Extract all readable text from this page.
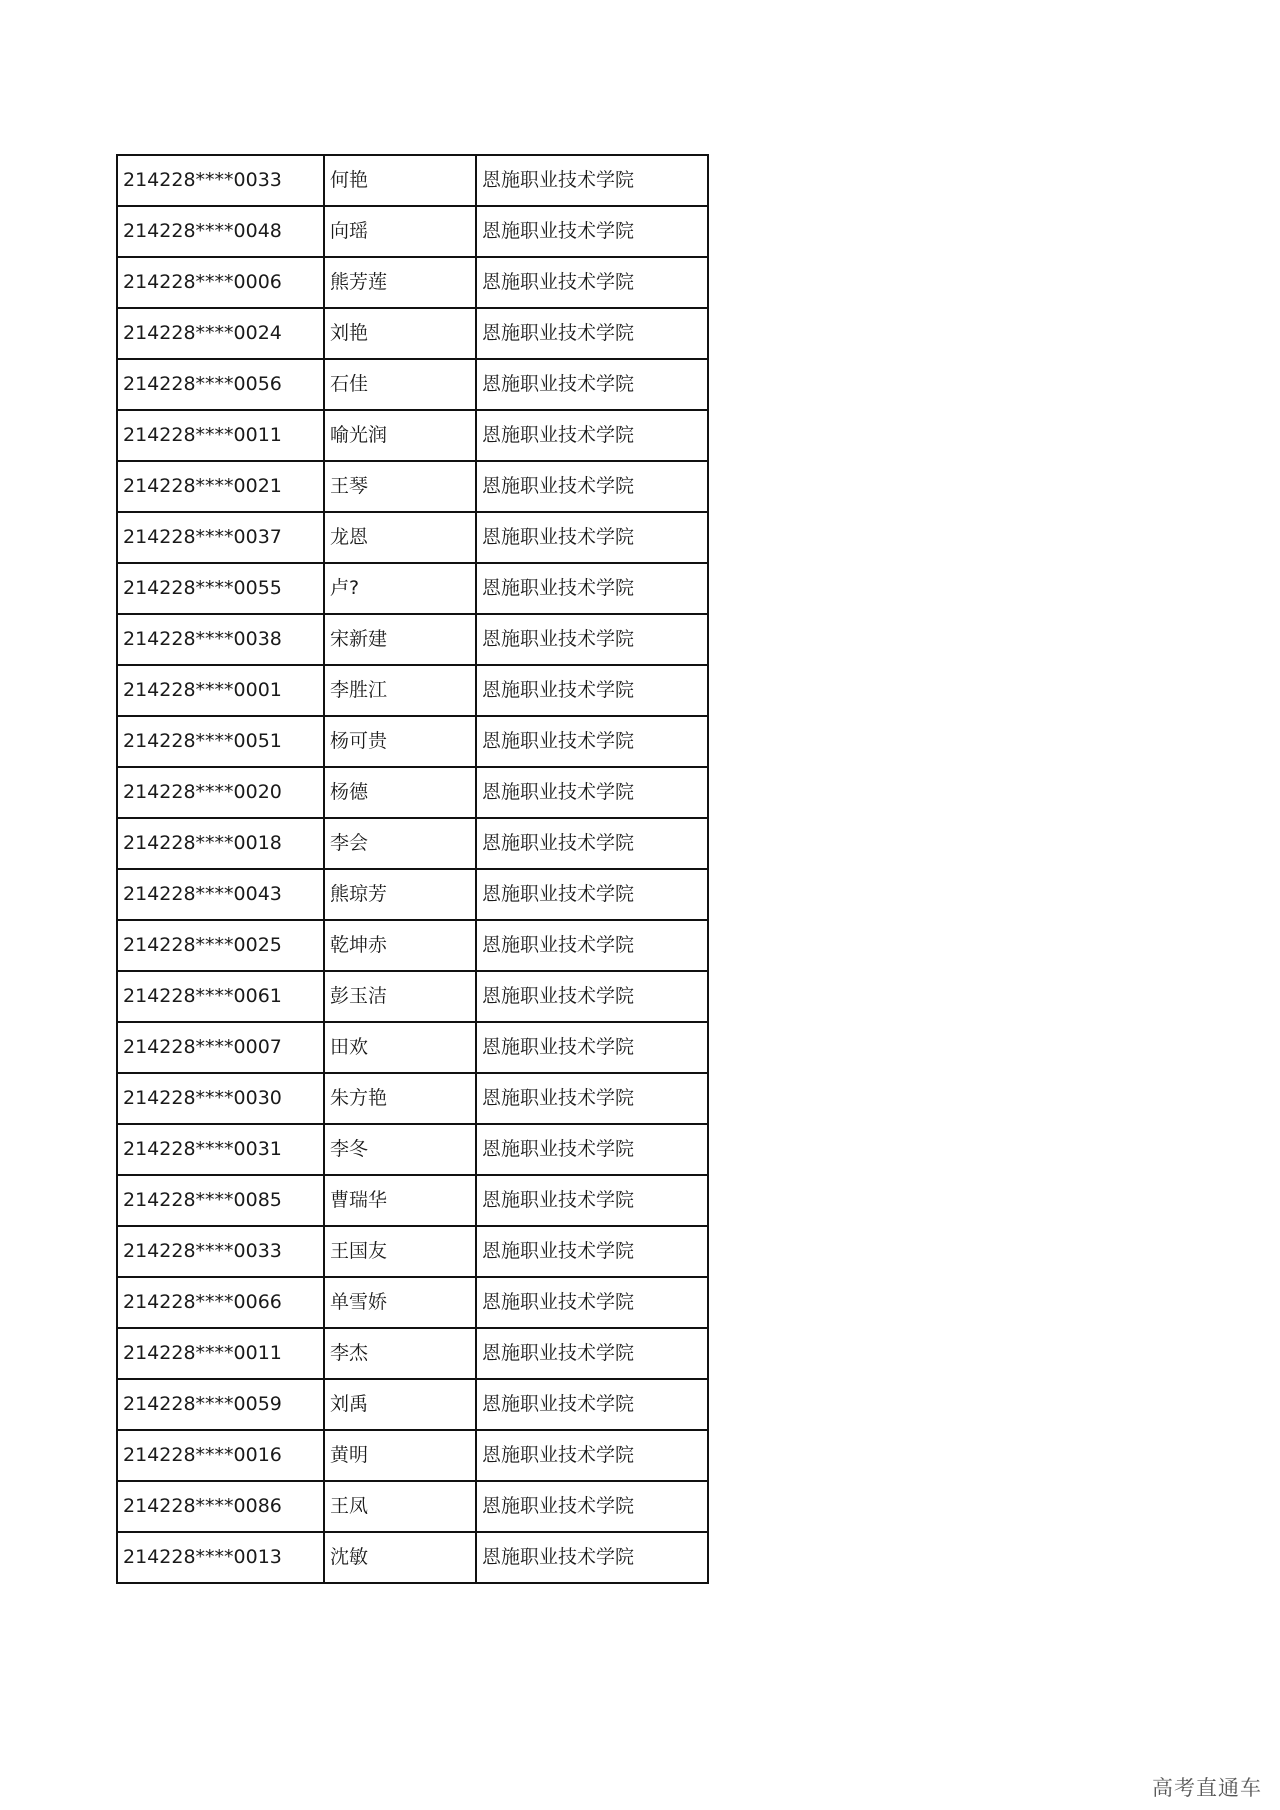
214228****0033	何艳	恩施职业技术学院
214228****0048	向瑶	恩施职业技术学院
214228****0006	熊芳莲	恩施职业技术学院
214228****0024	刘艳	恩施职业技术学院
214228****0056	石佳	恩施职业技术学院
214228****0011	喻光润	恩施职业技术学院
214228****0021	王琴	恩施职业技术学院
214228****0037	龙恩	恩施职业技术学院
214228****0055	卢?	恩施职业技术学院
214228****0038	宋新建	恩施职业技术学院
214228****0001	李胜江	恩施职业技术学院
214228****0051	杨可贵	恩施职业技术学院
214228****0020	杨德	恩施职业技术学院
214228****0018	李会	恩施职业技术学院
214228****0043	熊琼芳	恩施职业技术学院
214228****0025	乾坤赤	恩施职业技术学院
214228****0061	彭玉洁	恩施职业技术学院
214228****0007	田欢	恩施职业技术学院
214228****0030	朱方艳	恩施职业技术学院
214228****0031	李冬	恩施职业技术学院
214228****0085	曹瑞华	恩施职业技术学院
214228****0033	王国友	恩施职业技术学院
214228****0066	单雪娇	恩施职业技术学院
214228****0011	李杰	恩施职业技术学院
214228****0059	刘禹	恩施职业技术学院
214228****0016	黄明	恩施职业技术学院
214228****0086	王凤	恩施职业技术学院
214228****0013	沈敏	恩施职业技术学院
高考直通车
